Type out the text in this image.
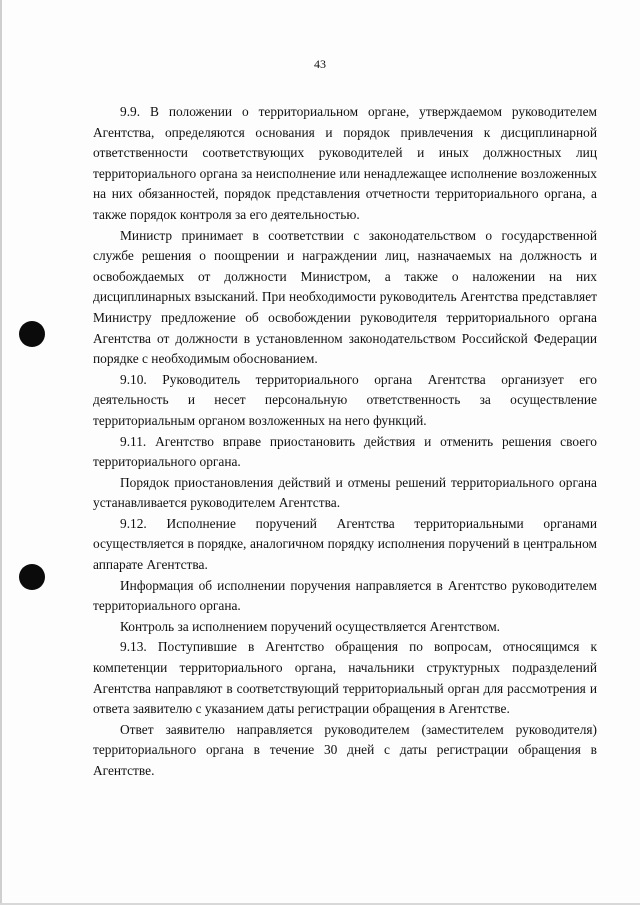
43

9.9. В положении о территориальном органе, утверждаемом руководителем Агентства, определяются основания и порядок привлечения к дисциплинарной ответственности соответствующих руководителей и иных должностных лиц территориального органа за неисполнение или ненадлежащее исполнение возложенных на них обязанностей, порядок представления отчетности территориального органа, а также порядок контроля за его деятельностью.

Министр принимает в соответствии с законодательством о государственной службе решения о поощрении и награждении лиц, назначаемых на должность и освобождаемых от должности Министром, а также о наложении на них дисциплинарных взысканий. При необходимости руководитель Агентства представляет Министру предложение об освобождении руководителя территориального органа Агентства от должности в установленном законодательством Российской Федерации порядке с необходимым обоснованием.

9.10. Руководитель территориального органа Агентства организует его деятельность и несет персональную ответственность за осуществление территориальным органом возложенных на него функций.

9.11. Агентство вправе приостановить действия и отменить решения своего территориального органа.

Порядок приостановления действий и отмены решений территориального органа устанавливается руководителем Агентства.

9.12. Исполнение поручений Агентства территориальными органами осуществляется в порядке, аналогичном порядку исполнения поручений в центральном аппарате Агентства.

Информация об исполнении поручения направляется в Агентство руководителем территориального органа.

Контроль за исполнением поручений осуществляется Агентством.

9.13. Поступившие в Агентство обращения по вопросам, относящимся к компетенции территориального органа, начальники структурных подразделений Агентства направляют в соответствующий территориальный орган для рассмотрения и ответа заявителю с указанием даты регистрации обращения в Агентстве.

Ответ заявителю направляется руководителем (заместителем руководителя) территориального органа в течение 30 дней с даты регистрации обращения в Агентстве.
